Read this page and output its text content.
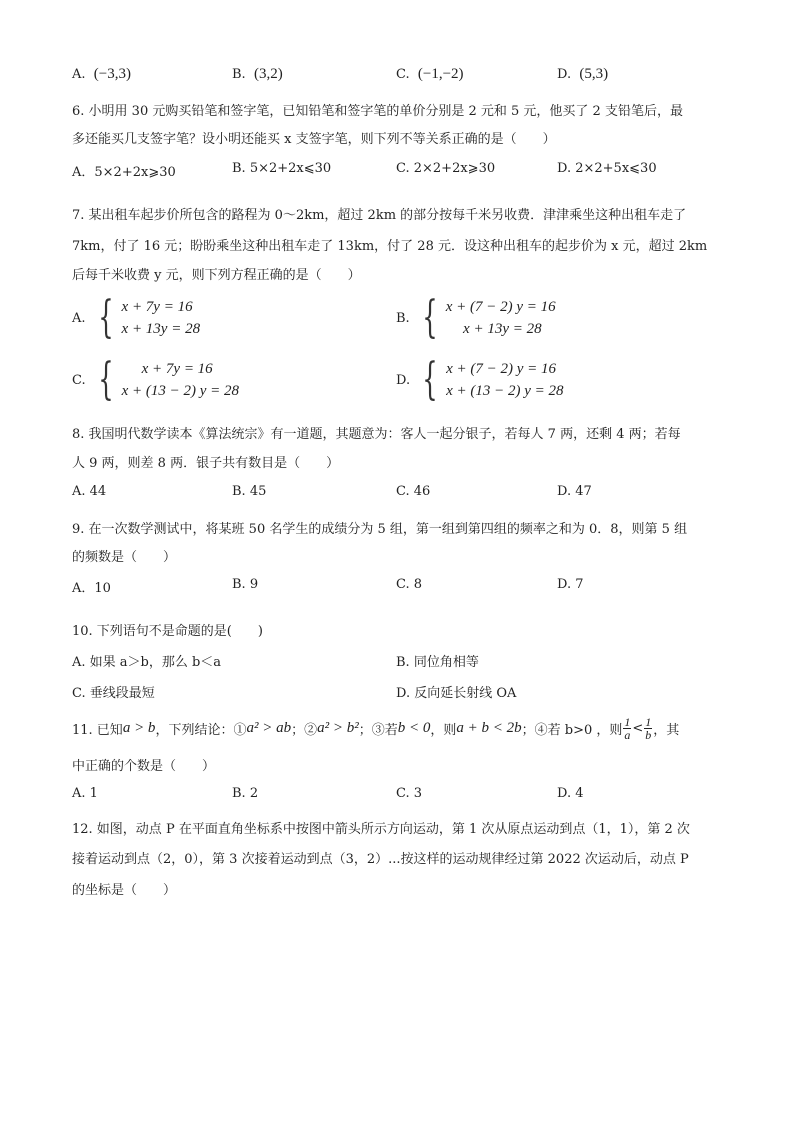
A. (−3,3)	B. (3,2)	C. (−1,−2)	D. (5,3)
6. 小明用 30 元购买铅笔和签字笔，已知铅笔和签字笔的单价分别是 2 元和 5 元，他买了 2 支铅笔后，最
多还能买几支签字笔？设小明还能买 x 支签字笔，则下列不等关系正确的是（　　）
A．5×2+2x⩾30	B. 5×2+2x⩽30	C. 2×2+2x⩾30	D. 2×2+5x⩽30
7. 某出租车起步价所包含的路程为 0～2km，超过 2km 的部分按每千米另收费．津津乘坐这种出租车走了
7km，付了 16 元；盼盼乘坐这种出租车走了 13km，付了 28 元．设这种出租车的起步价为 x 元，超过 2km
后每千米收费 y 元，则下列方程正确的是（　　）
A. { x + 7y = 16
x + 13y = 28
B. { x + (7 − 2) y = 16
x + 13y = 28
C. { x + 7y = 16
x + (13 − 2) y = 28
D. { x + (7 − 2) y = 16
x + (13 − 2) y = 28
8. 我国明代数学读本《算法统宗》有一道题，其题意为：客人一起分银子，若每人 7 两，还剩 4 两；若每
人 9 两，则差 8 两．银子共有数目是（　　）
A. 44	B. 45	C. 46	D. 47
9. 在一次数学测试中，将某班 50 名学生的成绩分为 5 组，第一组到第四组的频率之和为 0．8，则第 5 组
的频数是（　　）
A．10	B. 9	C. 8	D. 7
10. 下列语句不是命题的是(　　)
A. 如果 a＞b，那么 b＜a	B. 同位角相等
C. 垂线段最短	D. 反向延长射线 OA
11. 已知 a > b ，下列结论：① a² > ab ；② a² > b² ；③若 b < 0 ，则 a + b < 2b ；④若 b>0 ，则 $\frac{1}{a} < \frac{1}{b}$ ，其
中正确的个数是（　　）
A. 1	B. 2	C. 3	D. 4
12. 如图，动点 P 在平面直角坐标系中按图中箭头所示方向运动，第 1 次从原点运动到点（1，1），第 2 次
接着运动到点（2，0），第 3 次接着运动到点（3，2）...按这样的运动规律经过第 2022 次运动后，动点 P
的坐标是（　　）
